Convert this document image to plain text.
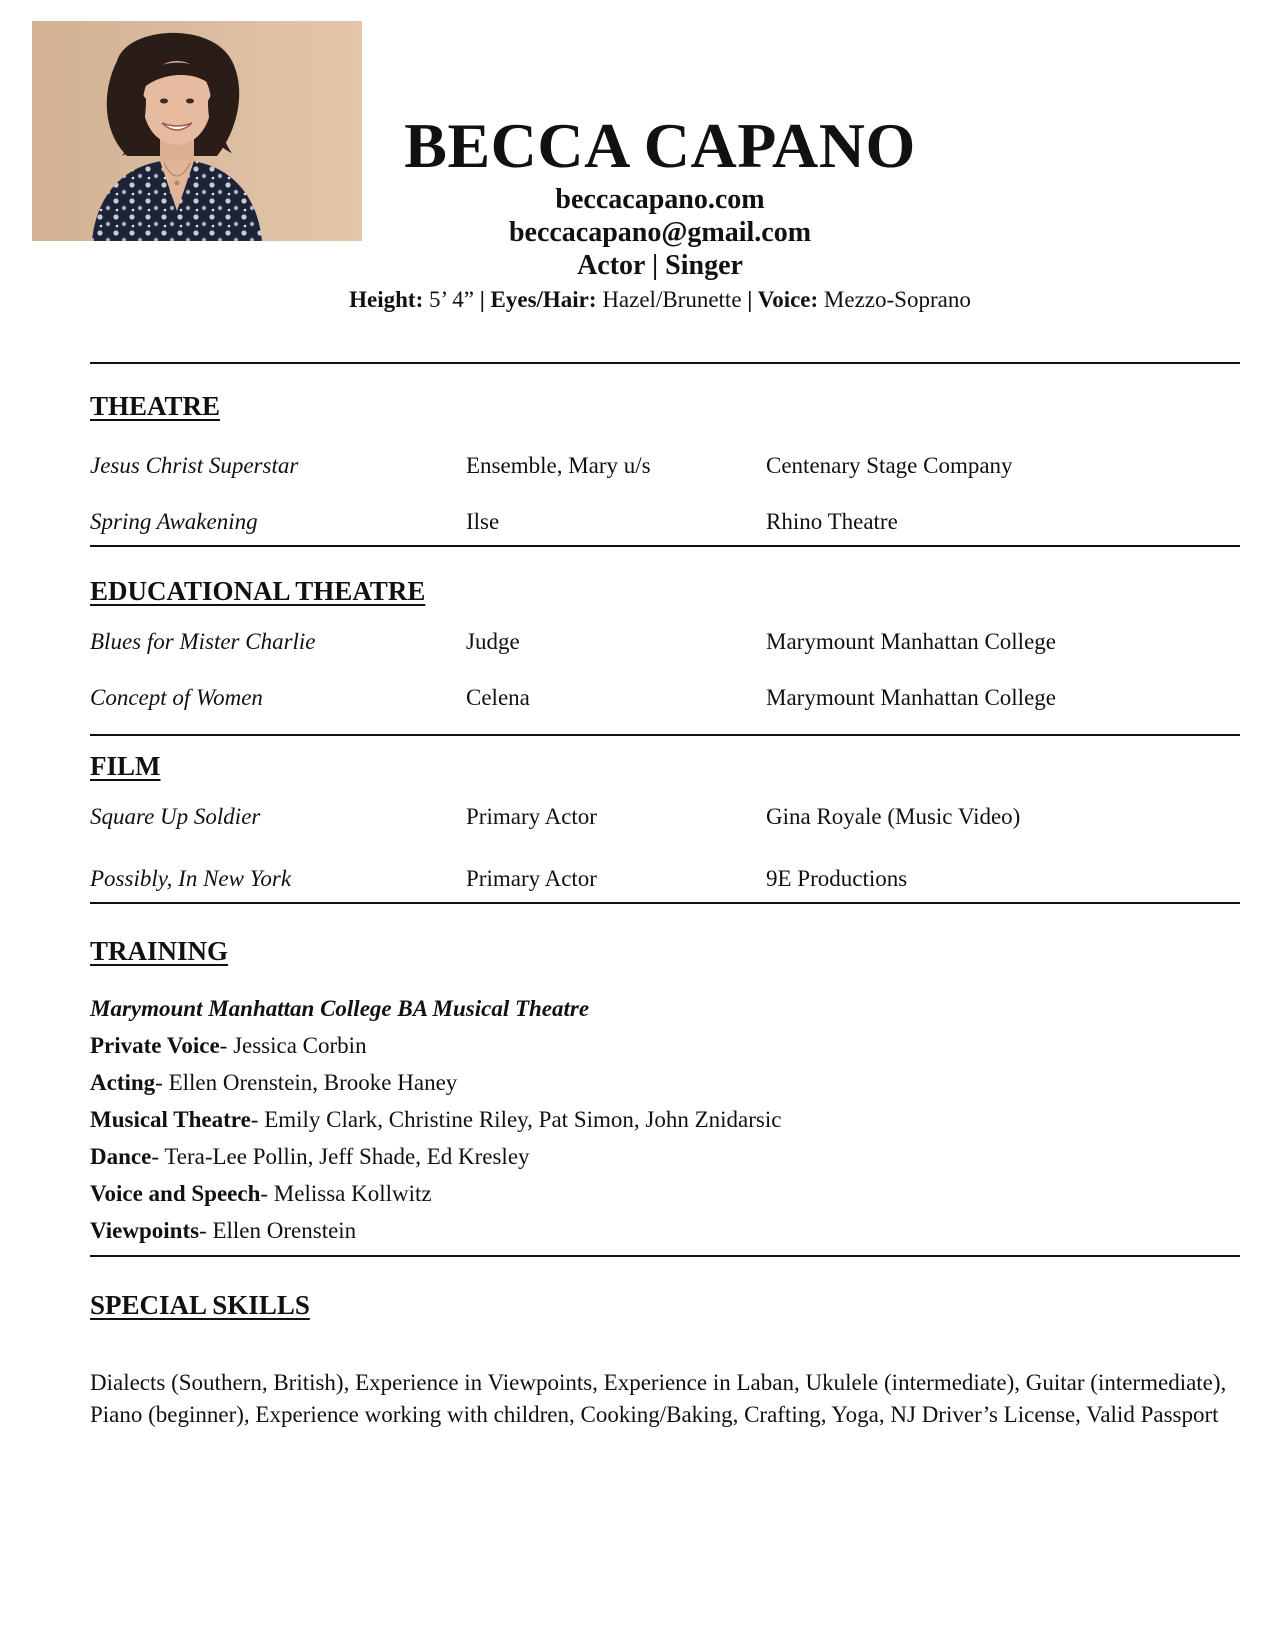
BECCA CAPANO
beccacapano.com
beccacapano@gmail.com
Actor | Singer
Height: 5’ 4” | Eyes/Hair: Hazel/Brunette | Voice: Mezzo-Soprano
THEATRE
Jesus Christ Superstar	Ensemble, Mary u/s	Centenary Stage Company
Spring Awakening	Ilse	Rhino Theatre
EDUCATIONAL THEATRE
Blues for Mister Charlie	Judge	Marymount Manhattan College
Concept of Women	Celena	Marymount Manhattan College
FILM
Square Up Soldier	Primary Actor	Gina Royale (Music Video)
Possibly, In New York	Primary Actor	9E Productions
TRAINING
Marymount Manhattan College BA Musical Theatre
Private Voice- Jessica Corbin
Acting- Ellen Orenstein, Brooke Haney
Musical Theatre- Emily Clark, Christine Riley, Pat Simon, John Znidarsic
Dance- Tera-Lee Pollin, Jeff Shade, Ed Kresley
Voice and Speech- Melissa Kollwitz
Viewpoints- Ellen Orenstein
SPECIAL SKILLS
Dialects (Southern, British), Experience in Viewpoints, Experience in Laban, Ukulele (intermediate), Guitar (intermediate), Piano (beginner), Experience working with children, Cooking/Baking, Crafting, Yoga, NJ Driver’s License, Valid Passport
